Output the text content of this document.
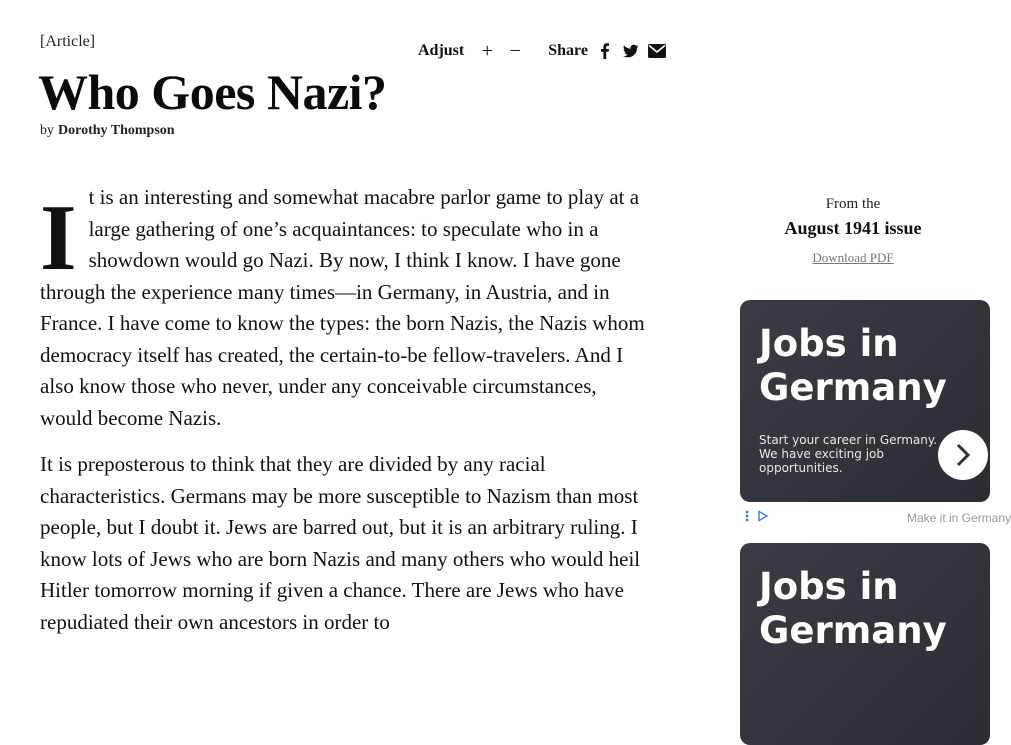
[Article]
Who Goes Nazi?
by Dorothy Thompson
Adjust + − Share

It is an interesting and somewhat macabre parlor game to play at a large gathering of one’s acquaintances: to speculate who in a showdown would go Nazi. By now, I think I know. I have gone through the experience many times—in Germany, in Austria, and in France. I have come to know the types: the born Nazis, the Nazis whom democracy itself has created, the certain-to-be fellow-travelers. And I also know those who never, under any conceivable circumstances, would become Nazis.

It is preposterous to think that they are divided by any racial characteristics. Germans may be more susceptible to Nazism than most people, but I doubt it. Jews are barred out, but it is an arbitrary ruling. I know lots of Jews who are born Nazis and many others who would heil Hitler tomorrow morning if given a chance. There are Jews who have repudiated their own ancestors in order to

From the
August 1941 issue
Download PDF
Jobs in Germany
Start your career in Germany. We have exciting job opportunities.
Make it in Germany
Jobs in Germany
